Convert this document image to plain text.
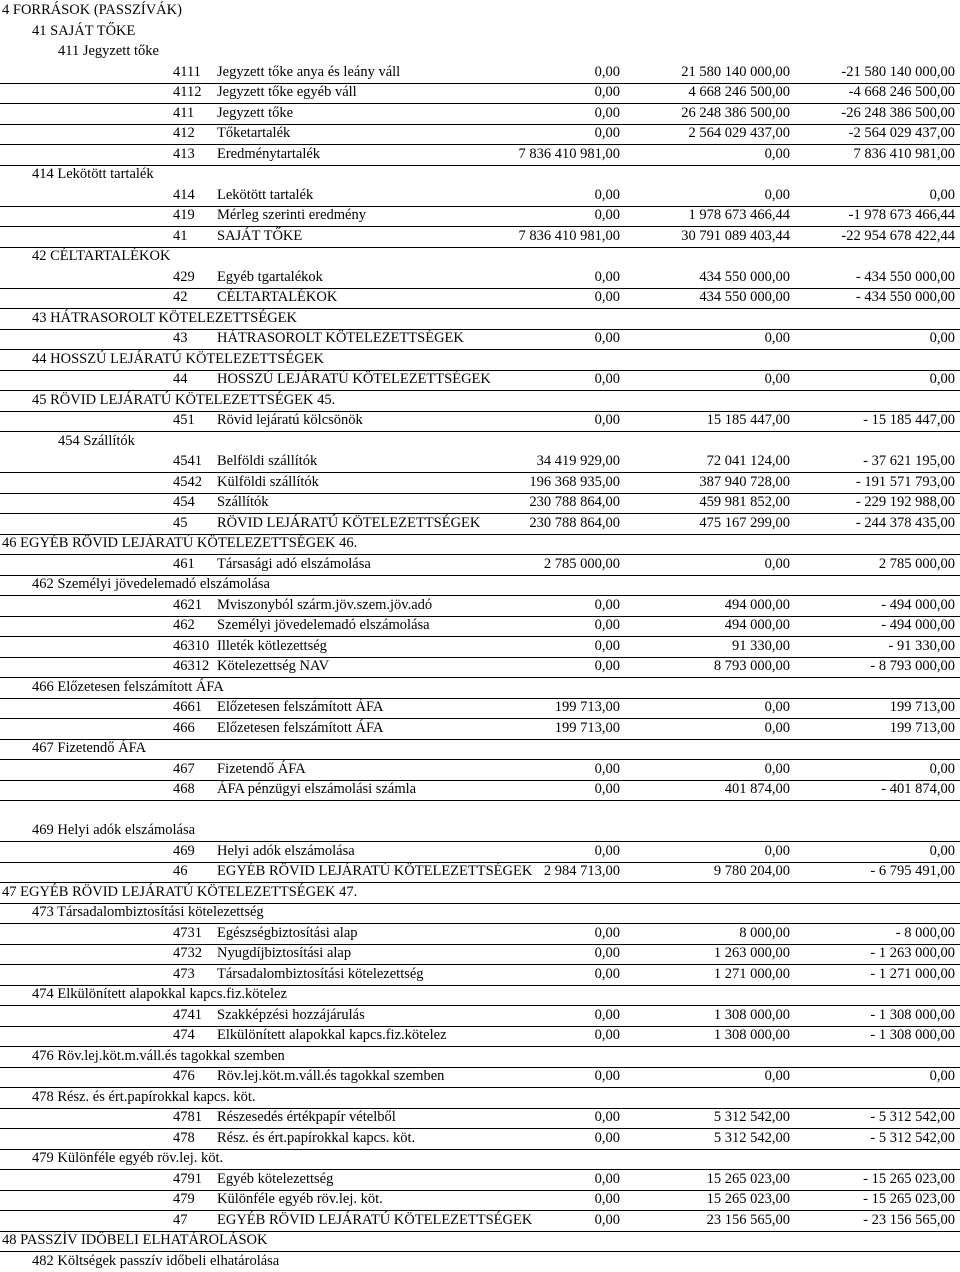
4 FORRÁSOK (PASSZÍVÁK)
41 SAJÁT TŐKE
411 Jegyzett tőke
4111	Jegyzett tőke anya és leány váll	0,00	21 580 140 000,00	-21 580 140 000,00
4112	Jegyzett tőke egyéb váll	0,00	4 668 246 500,00	-4 668 246 500,00
411	Jegyzett tőke	0,00	26 248 386 500,00	-26 248 386 500,00
412	Tőketartalék	0,00	2 564 029 437,00	-2 564 029 437,00
413	Eredménytartalék	7 836 410 981,00	0,00	7 836 410 981,00
414 Lekötött tartalék
414	Lekötött tartalék	0,00	0,00	0,00
419	Mérleg szerinti eredmény	0,00	1 978 673 466,44	-1 978 673 466,44
41	SAJÁT TŐKE	7 836 410 981,00	30 791 089 403,44	-22 954 678 422,44
42 CÉLTARTALÉKOK
429	Egyéb tgartalékok	0,00	434 550 000,00	- 434 550 000,00
42	CÉLTARTALÉKOK	0,00	434 550 000,00	- 434 550 000,00
43 HÁTRASOROLT KÖTELEZETTSÉGEK
43	HÁTRASOROLT KÖTELEZETTSÉGEK	0,00	0,00	0,00
44 HOSSZÚ LEJÁRATÚ KÖTELEZETTSÉGEK
44	HOSSZÚ LEJÁRATÚ KÖTELEZETTSÉGEK	0,00	0,00	0,00
45 RÖVID LEJÁRATÚ KÖTELEZETTSÉGEK 45.
451	Rövid lejáratú kölcsönök	0,00	15 185 447,00	- 15 185 447,00
454 Szállítók
4541	Belföldi szállítók	34 419 929,00	72 041 124,00	- 37 621 195,00
4542	Külföldi szállítók	196 368 935,00	387 940 728,00	- 191 571 793,00
454	Szállítók	230 788 864,00	459 981 852,00	- 229 192 988,00
45	RÖVID LEJÁRATÚ KÖTELEZETTSÉGEK	230 788 864,00	475 167 299,00	- 244 378 435,00
46 EGYÉB RÖVID LEJÁRATÚ KÖTELEZETTSÉGEK 46.
461	Társasági adó elszámolása	2 785 000,00	0,00	2 785 000,00
462 Személyi jövedelemadó elszámolása
4621	Mviszonyból szárm.jöv.szem.jöv.adó	0,00	494 000,00	- 494 000,00
462	Személyi jövedelemadó elszámolása	0,00	494 000,00	- 494 000,00
46310 Illeték kötlezettség	0,00	91 330,00	- 91 330,00
46312 Kötelezettség NAV	0,00	8 793 000,00	- 8 793 000,00
466 Előzetesen felszámított ÁFA
4661	Előzetesen felszámított ÁFA	199 713,00	0,00	199 713,00
466	Előzetesen felszámított ÁFA	199 713,00	0,00	199 713,00
467 Fizetendő ÁFA
467	Fizetendő ÁFA	0,00	0,00	0,00
468	ÁFA pénzügyi elszámolási számla	0,00	401 874,00	- 401 874,00
469 Helyi adók elszámolása
469	Helyi adók elszámolása	0,00	0,00	0,00
46	EGYÉB RÖVID LEJÁRATÚ KÖTELEZETTSÉGEK 2 984 713,00	9 780 204,00	- 6 795 491,00
47 EGYÉB RÖVID LEJÁRATÚ KÖTELEZETTSÉGEK 47.
473 Társadalombiztosítási kötelezettség
4731	Egészségbiztosítási alap	0,00	8 000,00	- 8 000,00
4732	Nyugdíjbiztosítási alap	0,00	1 263 000,00	- 1 263 000,00
473	Társadalombiztosítási kötelezettség	0,00	1 271 000,00	- 1 271 000,00
474 Elkülönített alapokkal kapcs.fiz.kötelez
4741	Szakképzési hozzájárulás	0,00	1 308 000,00	- 1 308 000,00
474	Elkülönített alapokkal kapcs.fiz.kötelez	0,00	1 308 000,00	- 1 308 000,00
476 Röv.lej.köt.m.váll.és tagokkal szemben
476	Röv.lej.köt.m.váll.és tagokkal szemben	0,00	0,00	0,00
478 Rész. és ért.papírokkal kapcs. köt.
4781	Részesedés értékpapír vételből	0,00	5 312 542,00	- 5 312 542,00
478	Rész. és ért.papírokkal kapcs. köt.	0,00	5 312 542,00	- 5 312 542,00
479 Különféle egyéb röv.lej. köt.
4791	Egyéb kötelezettség	0,00	15 265 023,00	- 15 265 023,00
479	Különféle egyéb röv.lej. köt.	0,00	15 265 023,00	- 15 265 023,00
47	EGYÉB RÖVID LEJÁRATÚ KÖTELEZETTSÉGEK	0,00	23 156 565,00	- 23 156 565,00
48 PASSZÍV IDŐBELI ELHATÁROLÁSOK
482 Költségek passzív időbeli elhatárolása
